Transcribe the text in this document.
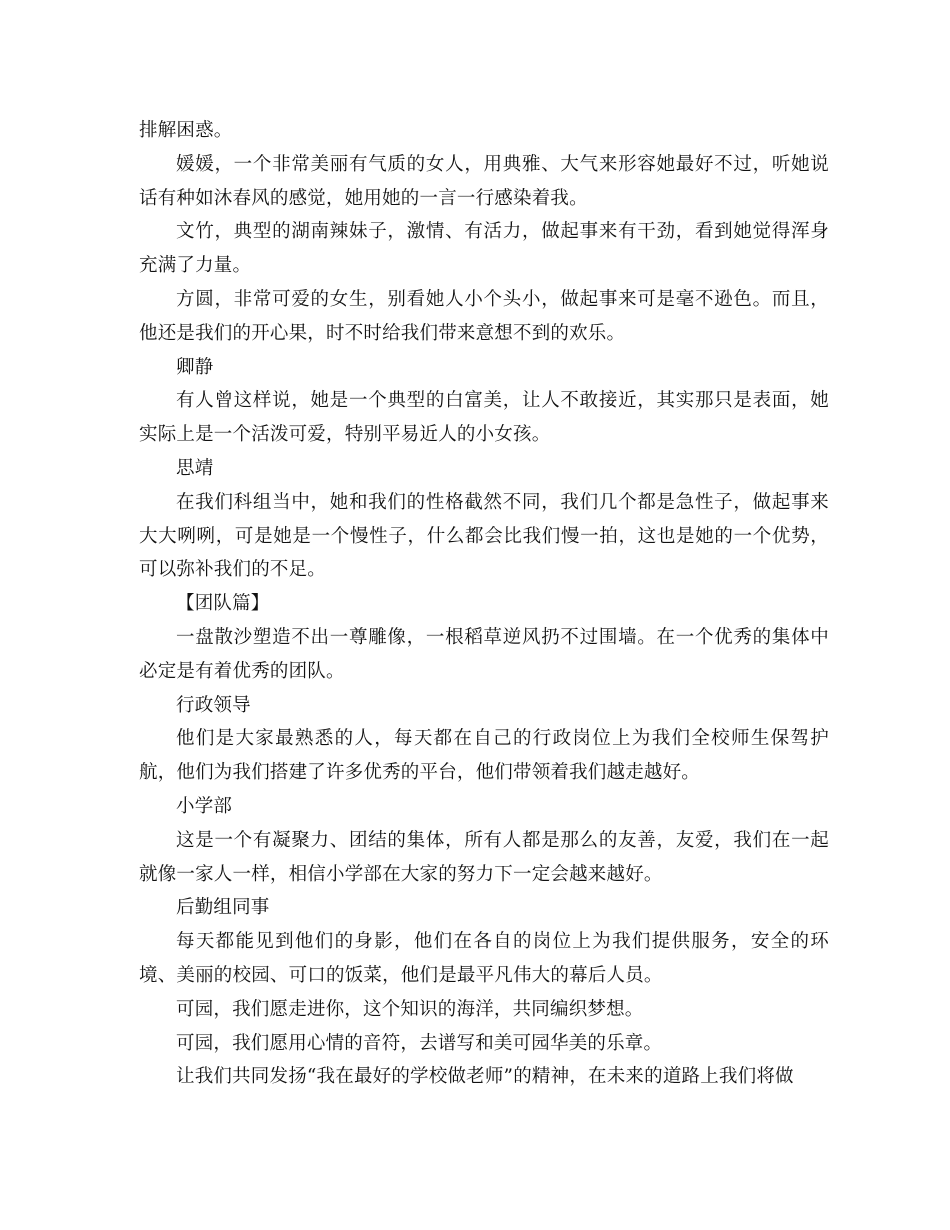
排解困惑。

媛媛，一个非常美丽有气质的女人，用典雅、大气来形容她最好不过，听她说话有种如沐春风的感觉，她用她的一言一行感染着我。

文竹，典型的湖南辣妹子，激情、有活力，做起事来有干劲，看到她觉得浑身充满了力量。

方圆，非常可爱的女生，别看她人小个头小，做起事来可是毫不逊色。而且，他还是我们的开心果，时不时给我们带来意想不到的欢乐。

卿静

有人曾这样说，她是一个典型的白富美，让人不敢接近，其实那只是表面，她实际上是一个活泼可爱，特别平易近人的小女孩。

思靖

在我们科组当中，她和我们的性格截然不同，我们几个都是急性子，做起事来大大咧咧，可是她是一个慢性子，什么都会比我们慢一拍，这也是她的一个优势，可以弥补我们的不足。

【团队篇】

一盘散沙塑造不出一尊雕像，一根稻草逆风扔不过围墙。在一个优秀的集体中必定是有着优秀的团队。

行政领导

他们是大家最熟悉的人，每天都在自己的行政岗位上为我们全校师生保驾护航，他们为我们搭建了许多优秀的平台，他们带领着我们越走越好。

小学部

这是一个有凝聚力、团结的集体，所有人都是那么的友善，友爱，我们在一起就像一家人一样，相信小学部在大家的努力下一定会越来越好。

后勤组同事

每天都能见到他们的身影，他们在各自的岗位上为我们提供服务，安全的环境、美丽的校园、可口的饭菜，他们是最平凡伟大的幕后人员。

可园，我们愿走进你，这个知识的海洋，共同编织梦想。

可园，我们愿用心情的音符，去谱写和美可园华美的乐章。

让我们共同发扬“我在最好的学校做老师”的精神，在未来的道路上我们将做
